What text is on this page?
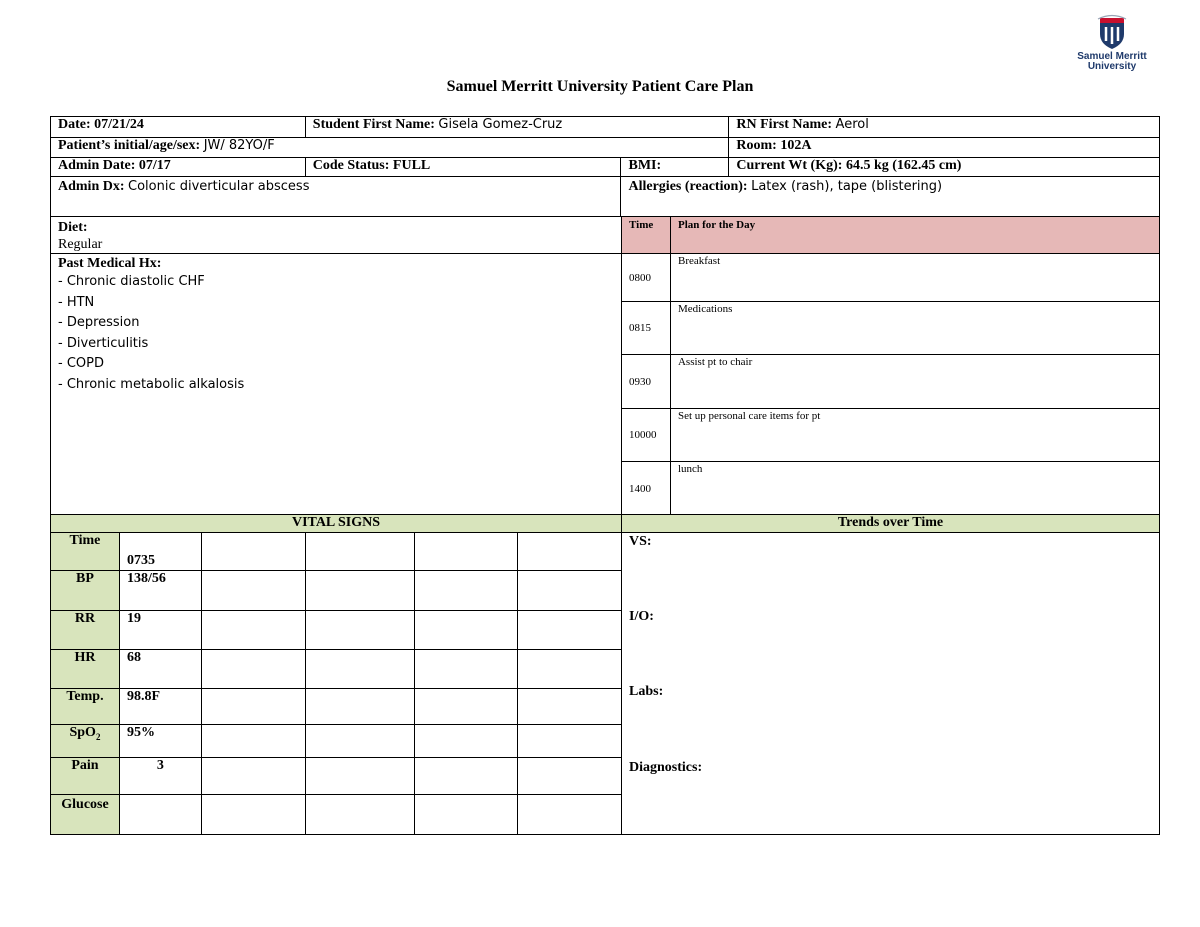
Samuel Merritt
University
Samuel Merritt University Patient Care Plan
Date: 07/21/24	Student First Name: Gisela Gomez-Cruz		RN First Name: Aerol
Patient’s initial/age/sex: JW/ 82YO/F			Room: 102A
Admin Date: 07/17	Code Status: FULL	BMI:	Current Wt (Kg): 64.5 kg (162.45 cm)
Admin Dx: Colonic diverticular abscess		Allergies (reaction): Latex (rash), tape (blistering)	
Diet:
Regular

Past Medical Hx:
- Chronic diastolic CHF
- HTN
- Depression
- Diverticulitis
- COPD
- Chronic metabolic alkalosis
Time	Plan for the Day
0800	Breakfast
0815	Medications
0930	Assist pt to chair
10000	Set up personal care items for pt
1400	lunch
VITAL SIGNS					
Time	0735				
BP	138/56				
RR	19				
HR	68				
Temp.	98.8F				
SpO$_2$	95%				
Pain	3				
Glucose					
Trends over Time

VS:
I/O:
Labs:
Diagnostics:
